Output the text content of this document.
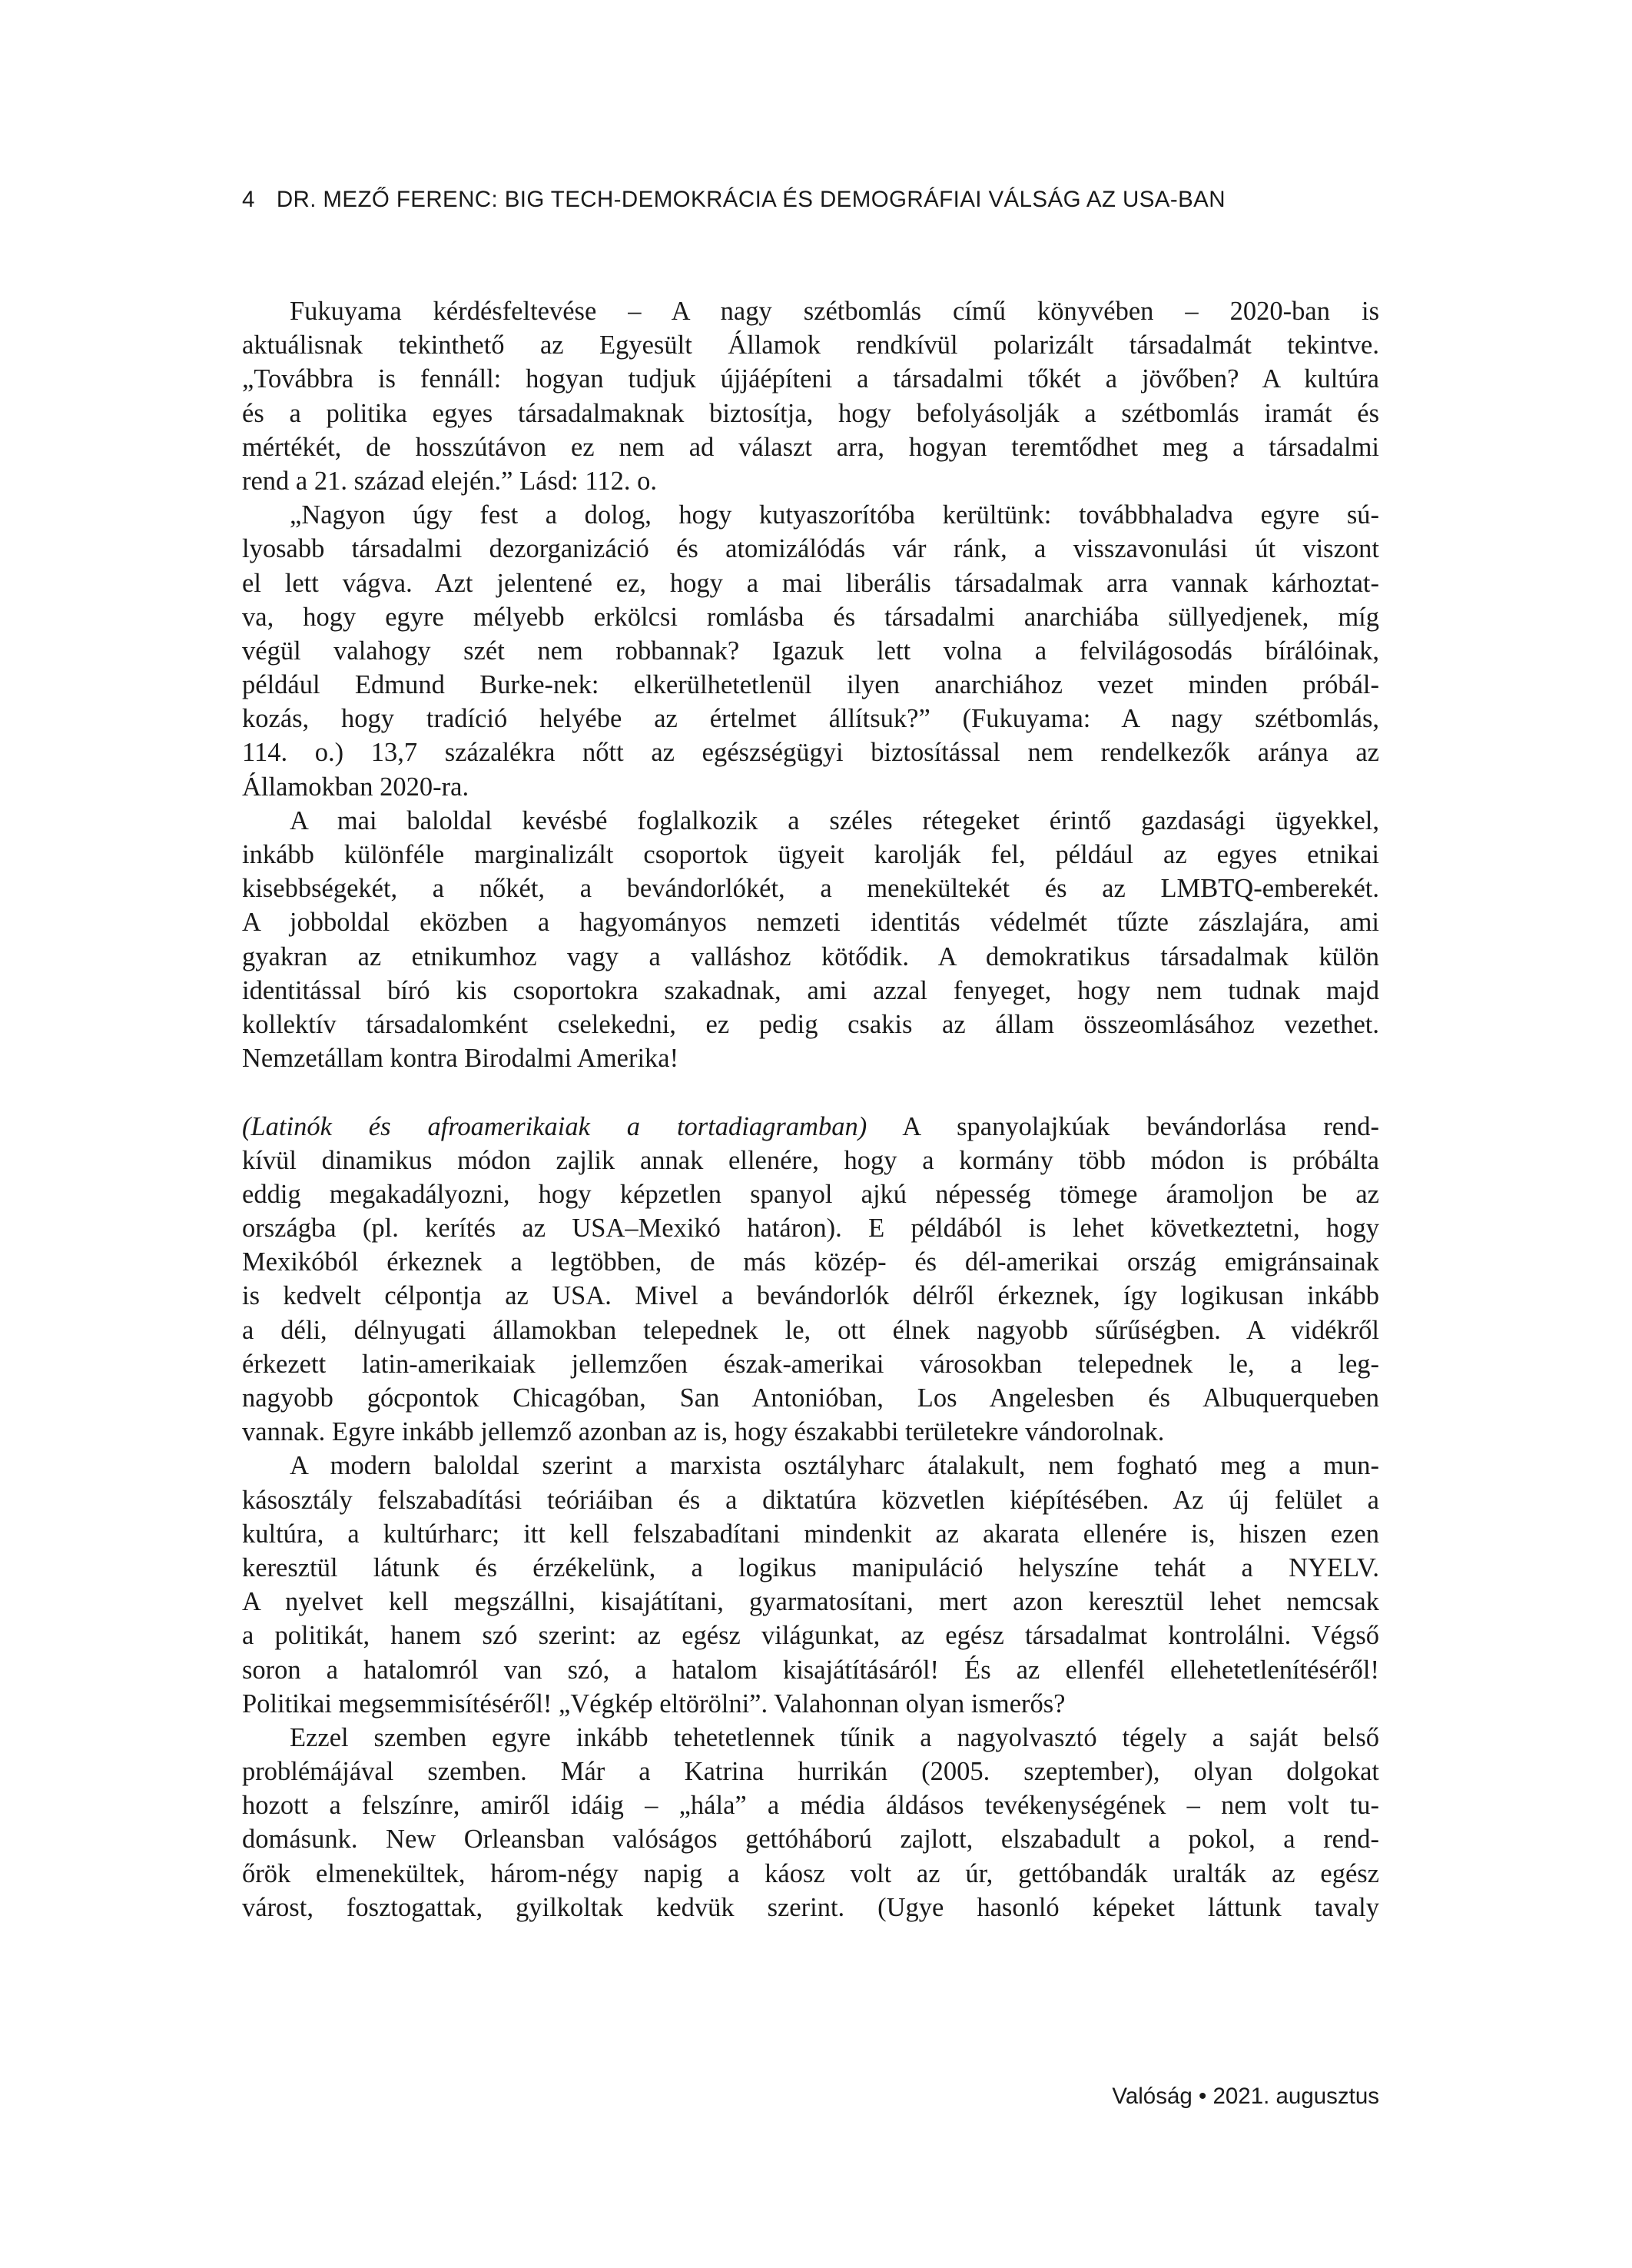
4 DR. MEZŐ FERENC: BIG TECH-DEMOKRÁCIA ÉS DEMOGRÁFIAI VÁLSÁG AZ USA-BAN
Fukuyama kérdésfeltevése – A nagy szétbomlás című könyvében – 2020-ban is
aktuálisnak tekinthető az Egyesült Államok rendkívül polarizált társadalmát tekintve.
„Továbbra is fennáll: hogyan tudjuk újjáépíteni a társadalmi tőkét a jövőben? A kultúra
és a politika egyes társadalmaknak biztosítja, hogy befolyásolják a szétbomlás iramát és
mértékét, de hosszútávon ez nem ad választ arra, hogyan teremtődhet meg a társadalmi
rend a 21. század elején.” Lásd: 112. o.
„Nagyon úgy fest a dolog, hogy kutyaszorítóba kerültünk: továbbhaladva egyre sú-
lyosabb társadalmi dezorganizáció és atomizálódás vár ránk, a visszavonulási út viszont
el lett vágva. Azt jelentené ez, hogy a mai liberális társadalmak arra vannak kárhoztat-
va, hogy egyre mélyebb erkölcsi romlásba és társadalmi anarchiába süllyedjenek, míg
végül valahogy szét nem robbannak? Igazuk lett volna a felvilágosodás bírálóinak,
például Edmund Burke-nek: elkerülhetetlenül ilyen anarchiához vezet minden próbál-
kozás, hogy tradíció helyébe az értelmet állítsuk?” (Fukuyama: A nagy szétbomlás,
114. o.) 13,7 százalékra nőtt az egészségügyi biztosítással nem rendelkezők aránya az
Államokban 2020-ra.
A mai baloldal kevésbé foglalkozik a széles rétegeket érintő gazdasági ügyekkel,
inkább különféle marginalizált csoportok ügyeit karolják fel, például az egyes etnikai
kisebbségekét, a nőkét, a bevándorlókét, a menekültekét és az LMBTQ-emberekét.
A jobboldal eközben a hagyományos nemzeti identitás védelmét tűzte zászlajára, ami
gyakran az etnikumhoz vagy a valláshoz kötődik. A demokratikus társadalmak külön
identitással bíró kis csoportokra szakadnak, ami azzal fenyeget, hogy nem tudnak majd
kollektív társadalomként cselekedni, ez pedig csakis az állam összeomlásához vezethet.
Nemzetállam kontra Birodalmi Amerika!
(Latinók és afroamerikaiak a tortadiagramban) A spanyolajkúak bevándorlása rend-
kívül dinamikus módon zajlik annak ellenére, hogy a kormány több módon is próbálta
eddig megakadályozni, hogy képzetlen spanyol ajkú népesség tömege áramoljon be az
országba (pl. kerítés az USA–Mexikó határon). E példából is lehet következtetni, hogy
Mexikóból érkeznek a legtöbben, de más közép- és dél-amerikai ország emigránsainak
is kedvelt célpontja az USA. Mivel a bevándorlók délről érkeznek, így logikusan inkább
a déli, délnyugati államokban telepednek le, ott élnek nagyobb sűrűségben. A vidékről
érkezett latin-amerikaiak jellemzően észak-amerikai városokban telepednek le, a leg-
nagyobb gócpontok Chicagóban, San Antonióban, Los Angelesben és Albuquerqueben
vannak. Egyre inkább jellemző azonban az is, hogy északabbi területekre vándorolnak.
A modern baloldal szerint a marxista osztályharc átalakult, nem fogható meg a mun-
kásosztály felszabadítási teóriáiban és a diktatúra közvetlen kiépítésében. Az új felület a
kultúra, a kultúrharc; itt kell felszabadítani mindenkit az akarata ellenére is, hiszen ezen
keresztül látunk és érzékelünk, a logikus manipuláció helyszíne tehát a NYELV.
A nyelvet kell megszállni, kisajátítani, gyarmatosítani, mert azon keresztül lehet nemcsak
a politikát, hanem szó szerint: az egész világunkat, az egész társadalmat kontrolálni. Végső
soron a hatalomról van szó, a hatalom kisajátításáról! És az ellenfél ellehetetlenítéséről!
Politikai megsemmisítéséről! „Végkép eltörölni”. Valahonnan olyan ismerős?
Ezzel szemben egyre inkább tehetetlennek tűnik a nagyolvasztó tégely a saját belső
problémájával szemben. Már a Katrina hurrikán (2005. szeptember), olyan dolgokat
hozott a felszínre, amiről idáig – „hála” a média áldásos tevékenységének – nem volt tu-
domásunk. New Orleansban valóságos gettóháború zajlott, elszabadult a pokol, a rend-
őrök elmenekültek, három-négy napig a káosz volt az úr, gettóbandák uralták az egész
várost, fosztogattak, gyilkoltak kedvük szerint. (Ugye hasonló képeket láttunk tavaly
Valóság • 2021. augusztus
